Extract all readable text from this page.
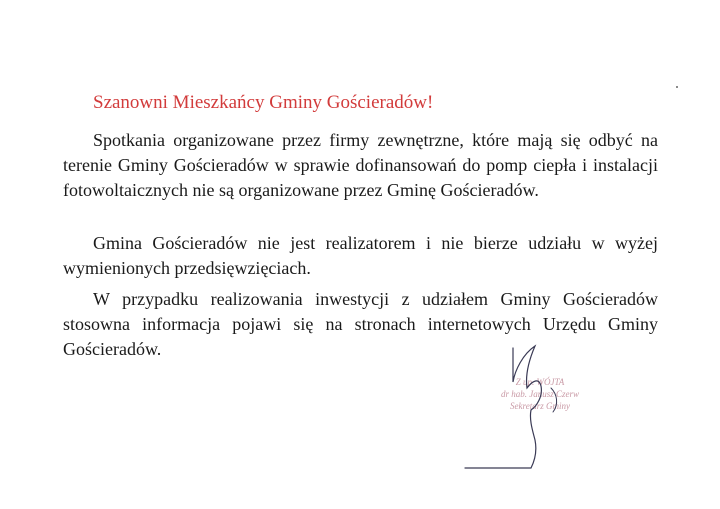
Szanowni Mieszkańcy Gminy Gościeradów!

Spotkania organizowane przez firmy zewnętrzne, które mają się odbyć na terenie Gminy Gościeradów w sprawie dofinansowań do pomp ciepła i instalacji fotowoltaicznych nie są organizowane przez Gminę Gościeradów.

Gmina Gościeradów nie jest realizatorem i nie bierze udziału w wyżej wymienionych przedsięwzięciach.

W przypadku realizowania inwestycji z udziałem Gminy Gościeradów stosowna informacja pojawi się na stronach internetowych Urzędu Gminy Gościeradów.

Z up. WÓJTA
dr hab. Janusz Czerw
Sekretarz Gminy
